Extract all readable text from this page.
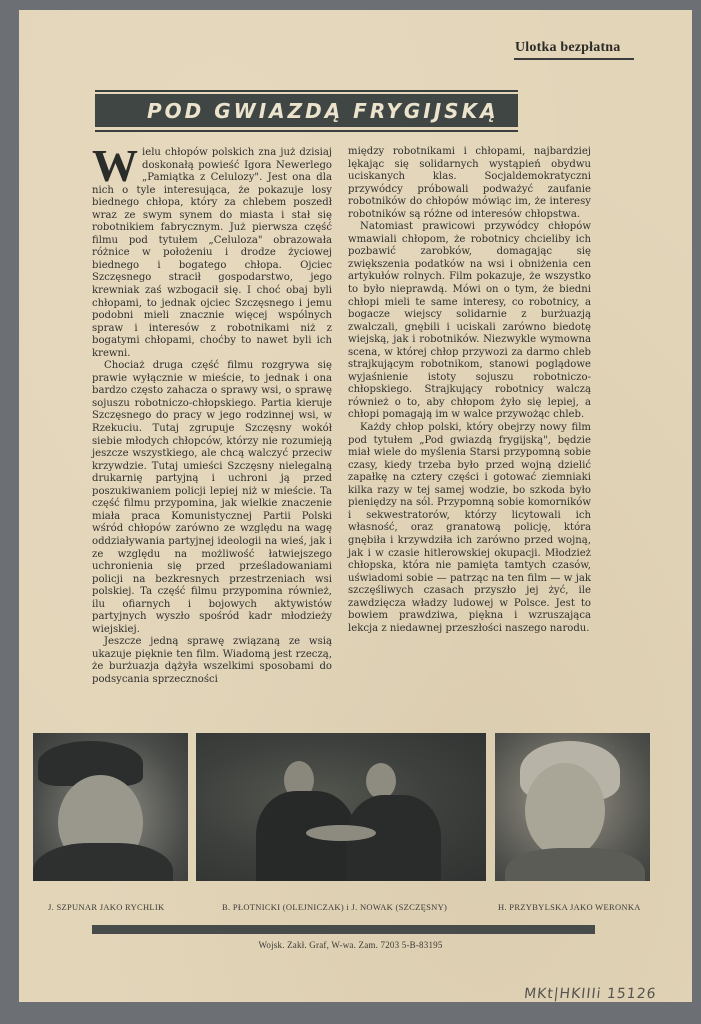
Ulotka bezpłatna
POD GWIAZDĄ FRYGIJSKĄ

Wielu chłopów polskich zna już dzisiaj doskonałą powieść Igora Newerlego „Pamiątka z Celulozy". Jest ona dla nich o tyle interesująca, że pokazuje losy biednego chłopa, który za chlebem poszedł wraz ze swym synem do miasta i stał się robotnikiem fabrycznym. Już pierwsza część filmu pod tytułem „Celuloza" obrazowała różnice w położeniu i drodze życiowej biednego i bogatego chłopa. Ojciec Szczęsnego stracił gospodarstwo, jego krewniak zaś wzbogacił się. I choć obaj byli chłopami, to jednak ojciec Szczęsnego i jemu podobni mieli znacznie więcej wspólnych spraw i interesów z robotnikami niż z bogatymi chłopami, choćby to nawet byli ich krewni.

Chociaż druga część filmu rozgrywa się prawie wyłącznie w mieście, to jednak i ona bardzo często zahacza o sprawy wsi, o sprawę sojuszu robotniczo-chłopskiego. Partia kieruje Szczęsnego do pracy w jego rodzinnej wsi, w Rzekuciu. Tutaj zgrupuje Szczęsny wokół siebie młodych chłopców, którzy nie rozumieją jeszcze wszystkiego, ale chcą walczyć przeciw krzywdzie. Tutaj umieści Szczęsny nielegalną drukarnię partyjną i uchroni ją przed poszukiwaniem policji lepiej niż w mieście. Ta część filmu przypomina, jak wielkie znaczenie miała praca Komunistycznej Partii Polski wśród chłopów zarówno ze względu na wagę oddziaływania partyjnej ideologii na wieś, jak i ze względu na możliwość łatwiejszego uchronienia się przed prześladowaniami policji na bezkresnych przestrzeniach wsi polskiej. Ta część filmu przypomina również, ilu ofiarnych i bojowych aktywistów partyjnych wyszło spośród kadr młodzieży wiejskiej.

Jeszcze jedną sprawę związaną ze wsią ukazuje pięknie ten film. Wiadomą jest rzeczą, że burżuazja dążyła wszelkimi sposobami do podsycania sprzeczności

między robotnikami i chłopami, najbardziej lękając się solidarnych wystąpień obydwu uciskanych klas. Socjaldemokratyczni przywódcy próbowali podważyć zaufanie robotników do chłopów mówiąc im, że interesy robotników są różne od interesów chłopstwa.

Natomiast prawicowi przywódcy chłopów wmawiali chłopom, że robotnicy chcieliby ich pozbawić zarobków, domagając się zwiększenia podatków na wsi i obniżenia cen artykułów rolnych. Film pokazuje, że wszystko to było nieprawdą. Mówi on o tym, że biedni chłopi mieli te same interesy, co robotnicy, a bogacze wiejscy solidarnie z burżuazją zwalczali, gnębili i uciskali zarówno biedotę wiejską, jak i robotników. Niezwykle wymowna scena, w której chłop przywozi za darmo chleb strajkującym robotnikom, stanowi poglądowe wyjaśnienie istoty sojuszu robotniczo-chłopskiego. Strajkujący robotnicy walczą również o to, aby chłopom żyło się lepiej, a chłopi pomagają im w walce przywożąc chleb.

Każdy chłop polski, który obejrzy nowy film pod tytułem „Pod gwiazdą frygijską", będzie miał wiele do myślenia Starsi przypomną sobie czasy, kiedy trzeba było przed wojną dzielić zapałkę na cztery części i gotować ziemniaki kilka razy w tej samej wodzie, bo szkoda było pieniędzy na sól. Przypomną sobie komorników i sekwestratorów, którzy licytowali ich własność, oraz granatową policję, która gnębiła i krzywdziła ich zarówno przed wojną, jak i w czasie hitlerowskiej okupacji. Młodzież chłopska, która nie pamięta tamtych czasów, uświadomi sobie — patrząc na ten film — w jak szczęśliwych czasach przyszło jej żyć, ile zawdzięcza władzy ludowej w Polsce. Jest to bowiem prawdziwa, piękna i wzruszająca lekcja z niedawnej przeszłości naszego narodu.

J. SZPUNAR JAKO RYCHLIK	B. PŁOTNICKI (OLEJNICZAK) i J. NOWAK (SZCZĘSNY)	H. PRZYBYLSKA JAKO WERONKA
Wojsk. Zakł. Graf, W-wa. Zam. 7203 5-B-83195
MKt|HKIIIi 15126
